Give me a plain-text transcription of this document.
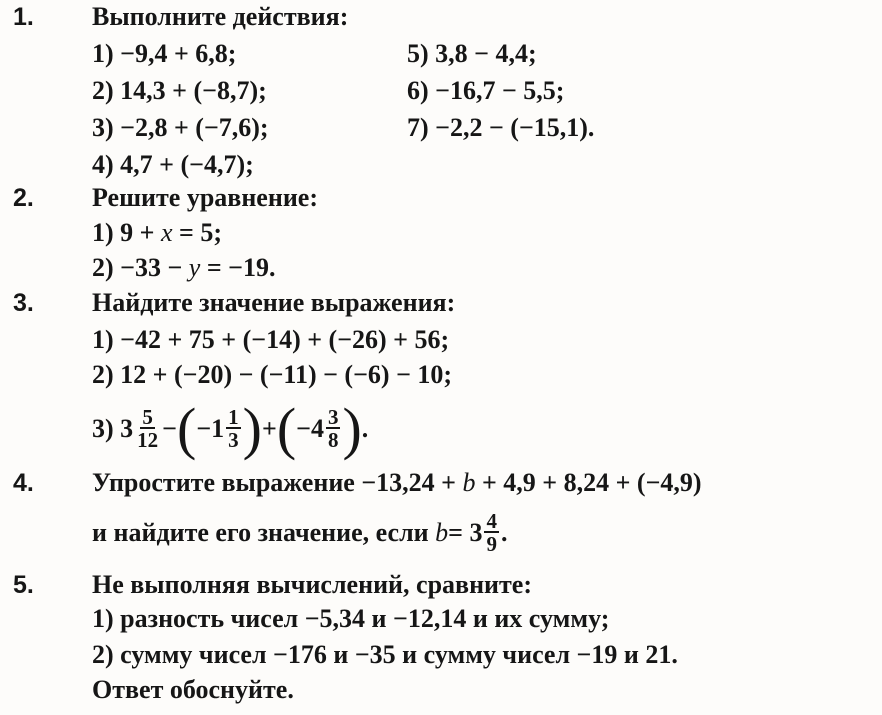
1. Выполните действия:
1) −9,4 + 6,8;
2) 14,3 + (−8,7);
3) −2,8 + (−7,6);
4) 4,7 + (−4,7);
5) 3,8 − 4,4;
6) −16,7 − 5,5;
7) −2,2 − (−15,1).
2. Решите уравнение:
1) 9 + x = 5;
2) −33 − y = −19.
3. Найдите значение выражения:
1) −42 + 75 + (−14) + (−26) + 56;
2) 12 + (−20) − (−11) − (−6) − 10;
3)
$3 \frac{5}{12}$ − ( $-1 \frac{1}{3}$ ) + ( $-4 \frac{3}{8}$ ) .
4. Упростите выражение −13,24 + b + 4,9 + 8,24 + (−4,9)
и найдите его значение, если
$b = 3 \frac{4}{9}$ .
5. Не выполняя вычислений, сравните:
1) разность чисел −5,34 и −12,14 и их сумму;
2) сумму чисел −176 и −35 и сумму чисел −19 и 21.
Ответ обоснуйте.
